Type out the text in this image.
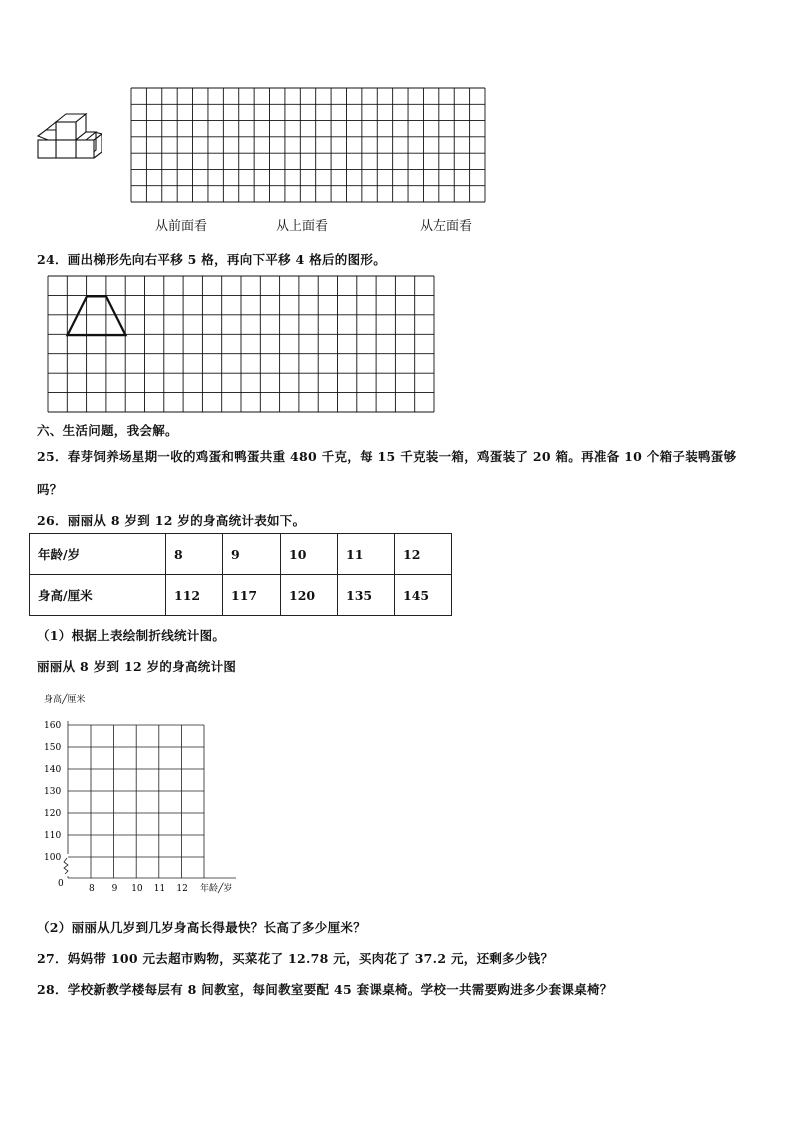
从前面看	从上面看	从左面看
24．画出梯形先向右平移 5 格，再向下平移 4 格后的图形。
六、生活问题，我会解。
25．春芽饲养场星期一收的鸡蛋和鸭蛋共重 480 千克，每 15 千克装一箱，鸡蛋装了 20 箱。再准备 10 个箱子装鸭蛋够
吗？
26．丽丽从 8 岁到 12 岁的身高统计表如下。
年龄/岁	8	9	10	11	12
身高/厘米	112	117	120	135	145
（1）根据上表绘制折线统计图。
丽丽从 8 岁到 12 岁的身高统计图
身高╱厘米
100
110
120
130
140
150
160
8 9 10 11 12
0	年龄╱岁
（2）丽丽从几岁到几岁身高长得最快？长高了多少厘米？
27．妈妈带 100 元去超市购物，买菜花了 12.78 元，买肉花了 37.2 元，还剩多少钱？
28．学校新教学楼每层有 8 间教室，每间教室要配 45 套课桌椅。学校一共需要购进多少套课桌椅？
